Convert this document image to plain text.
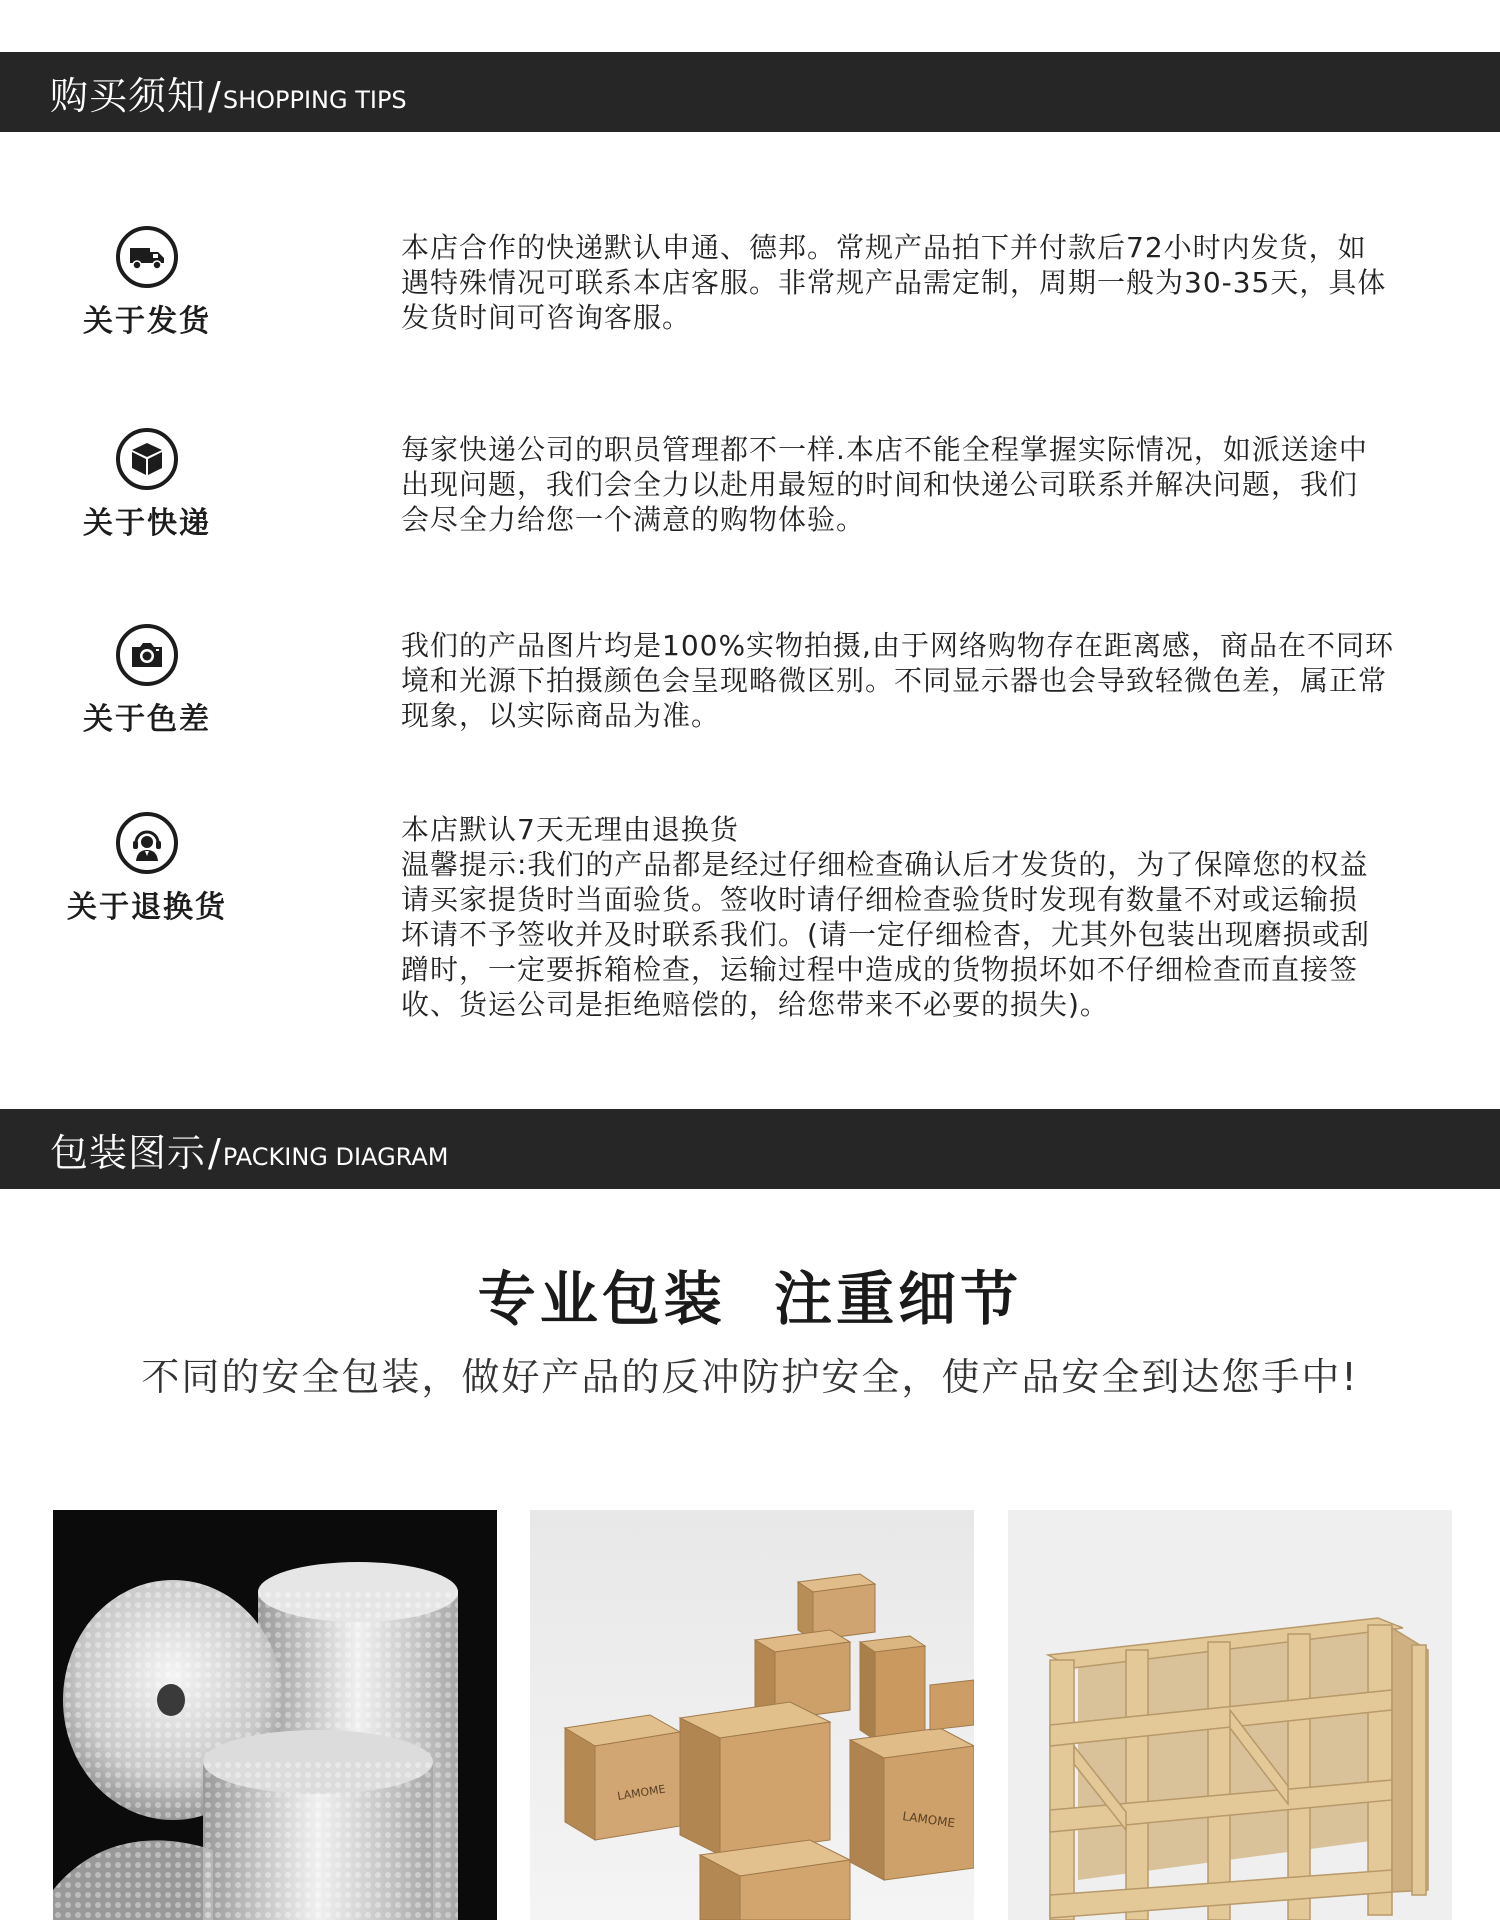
购买须知 / SHOPPING TIPS
关于发货

本店合作的快递默认申通、德邦。常规产品拍下并付款后72小时内发货，如

遇特殊情况可联系本店客服。非常规产品需定制，周期一般为30-35天，具体

发货时间可咨询客服。

关于快递

每家快递公司的职员管理都不一样.本店不能全程掌握实际情况，如派送途中

出现问题，我们会全力以赴用最短的时间和快递公司联系并解决问题，我们

会尽全力给您一个满意的购物体验。

关于色差

我们的产品图片均是100%实物拍摄,由于网络购物存在距离感，商品在不同环

境和光源下拍摄颜色会呈现略微区别。不同显示器也会导致轻微色差，属正常

现象，以实际商品为准。

关于退换货

本店默认7天无理由退换货

温馨提示:我们的产品都是经过仔细检查确认后才发货的，为了保障您的权益

请买家提货时当面验货。签收时请仔细检查验货时发现有数量不对或运输损

坏请不予签收并及时联系我们。(请一定仔细检杳，尤其外包装出现磨损或刮

蹭时，一定要拆箱检查，运输过程中造成的货物损坏如不仔细检查而直接签

收、货运公司是拒绝赔偿的，给您带来不必要的损失)。

包装图示 / PACKING DIAGRAM
专业包装  注重细节
不同的安全包装，做好产品的反冲防护安全，使产品安全到达您手中!
LAMOME
LAMOME
